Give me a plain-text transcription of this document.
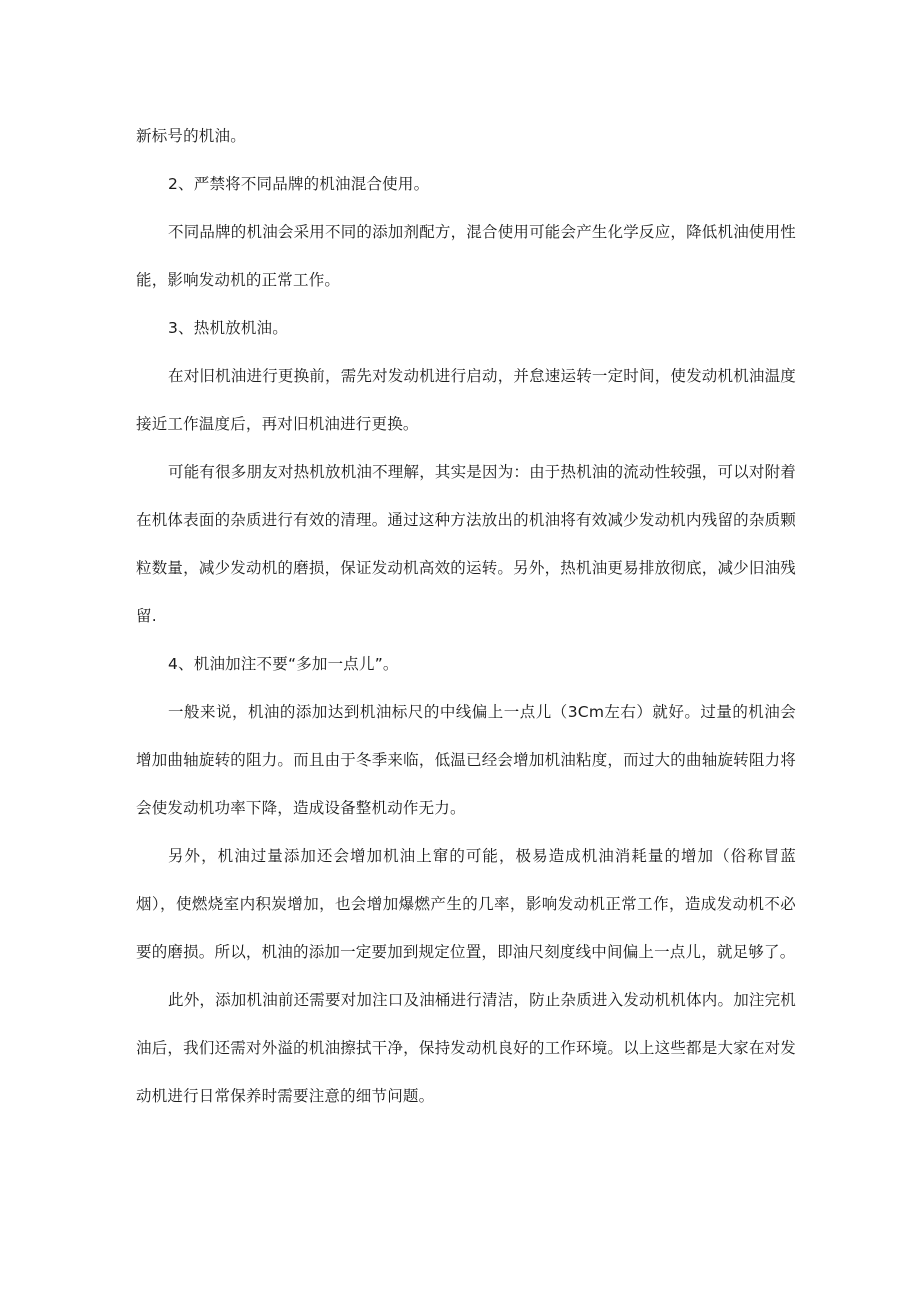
新标号的机油。

2、严禁将不同品牌的机油混合使用。

不同品牌的机油会采用不同的添加剂配方，混合使用可能会产生化学反应，降低机油使用性能，影响发动机的正常工作。

3、热机放机油。

在对旧机油进行更换前，需先对发动机进行启动，并怠速运转一定时间，使发动机机油温度接近工作温度后，再对旧机油进行更换。

可能有很多朋友对热机放机油不理解，其实是因为：由于热机油的流动性较强，可以对附着在机体表面的杂质进行有效的清理。通过这种方法放出的机油将有效减少发动机内残留的杂质颗粒数量，减少发动机的磨损，保证发动机高效的运转。另外，热机油更易排放彻底，减少旧油残留.

4、机油加注不要“多加一点儿”。

一般来说，机油的添加达到机油标尺的中线偏上一点儿（3Cm左右）就好。过量的机油会增加曲轴旋转的阻力。而且由于冬季来临，低温已经会增加机油粘度，而过大的曲轴旋转阻力将会使发动机功率下降，造成设备整机动作无力。

另外，机油过量添加还会增加机油上窜的可能，极易造成机油消耗量的增加（俗称冒蓝烟），使燃烧室内积炭增加，也会增加爆燃产生的几率，影响发动机正常工作，造成发动机不必要的磨损。所以，机油的添加一定要加到规定位置，即油尺刻度线中间偏上一点儿，就足够了。

此外，添加机油前还需要对加注口及油桶进行清洁，防止杂质进入发动机机体内。加注完机油后，我们还需对外溢的机油擦拭干净，保持发动机良好的工作环境。以上这些都是大家在对发动机进行日常保养时需要注意的细节问题。
